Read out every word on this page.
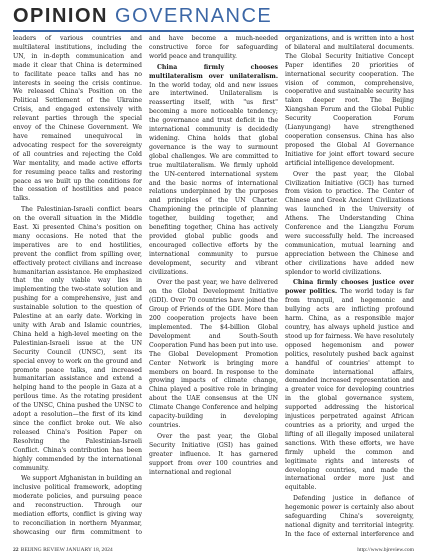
OPINION GOVERNANCE

leaders of various countries and multilateral institutions, including the UN, in in-depth communication and made it clear that China is determined to facilitate peace talks and has no interests in seeing the crisis continue. We released China's Position on the Political Settlement of the Ukraine Crisis, and engaged extensively with relevant parties through the special envoy of the Chinese Government. We have remained unequivocal in advocating respect for the sovereignty of all countries and rejecting the Cold War mentality, and made active efforts for resuming peace talks and restoring peace as we built up the conditions for the cessation of hostilities and peace talks.

The Palestinian-Israeli conflict bears on the overall situation in the Middle East. Xi presented China's position on many occasions. He noted that the imperatives are to end hostilities, prevent the conflict from spilling over, effectively protect civilians and increase humanitarian assistance. He emphasized that the only viable way lies in implementing the two-state solution and pushing for a comprehensive, just and sustainable solution to the question of Palestine at an early date. Working in unity with Arab and Islamic countries, China held a high-level meeting on the Palestinian-Israeli issue at the UN Security Council (UNSC), sent its special envoy to work on the ground and promote peace talks, and increased humanitarian assistance and extend a helping hand to the people in Gaza at a perilous time. As the rotating president of the UNSC, China pushed the UNSC to adopt a resolution—the first of its kind since the conflict broke out. We also released China's Position Paper on Resolving the Palestinian-Israeli Conflict. China's contribution has been highly commended by the international community.

We support Afghanistan in building an inclusive political framework, adopting moderate policies, and pursuing peace and reconstruction. Through our mediation efforts, conflict is giving way to reconciliation in northern Myanmar, showcasing our firm commitment to

and have become a much-needed constructive force for safeguarding world peace and tranquility.

China firmly chooses multilateralism over unilateralism. In the world today, old and new issues are intertwined. Unilateralism is reasserting itself, with "us first" becoming a more noticeable tendency; the governance and trust deficit in the international community is decidedly widening. China holds that global governance is the way to surmount global challenges. We are committed to true multilateralism. We firmly uphold the UN-centered international system and the basic norms of international relations underpinned by the purposes and principles of the UN Charter. Championing the principle of planning together, building together, and benefiting together, China has actively provided global public goods and encouraged collective efforts by the international community to pursue development, security and vibrant civilizations.

Over the past year, we have delivered on the Global Development Initiative (GDI). Over 70 countries have joined the Group of Friends of the GDI. More than 200 cooperation projects have been implemented. The $4-billion Global Development and South-South Cooperation Fund has been put into use. The Global Development Promotion Center Network is bringing more members on board. In response to the growing impacts of climate change, China played a positive role in bringing about the UAE consensus at the UN Climate Change Conference and helping capacity-building in developing countries.

Over the past year, the Global Security Initiative (GSI) has gained greater influence. It has garnered support from over 100 countries and international and regional

organizations, and is written into a host of bilateral and multilateral documents. The Global Security Initiative Concept Paper identifies 20 priorities of international security cooperation. The vision of common, comprehensive, cooperative and sustainable security has taken deeper root. The Beijing Xiangshan Forum and the Global Public Security Cooperation Forum (Lianyungang) have strengthened cooperation consensus. China has also proposed the Global AI Governance Initiative for joint effort toward secure artificial intelligence development.

Over the past year, the Global Civilization Initiative (GCI) has turned from vision to practice. The Center of Chinese and Greek Ancient Civilizations was launched in the University of Athens. The Understanding China Conference and the Liangzhu Forum were successfully held. The increased communication, mutual learning and appreciation between the Chinese and other civilizations have added new splendor to world civilizations.

China firmly chooses justice over power politics. The world today is far from tranquil, and hegemonic and bullying acts are inflicting profound harm. China, as a responsible major country, has always upheld justice and stood up for fairness. We have resolutely opposed hegemonism and power politics, resolutely pushed back against a handful of countries' attempt to dominate international affairs, demanded increased representation and a greater voice for developing countries in the global governance system, supported addressing the historical injustices perpetrated against African countries as a priority, and urged the lifting of all illegally imposed unilateral sanctions. With these efforts, we have firmly upheld the common and legitimate rights and interests of developing countries, and made the international order more just and equitable.

Defending justice in defiance of hegemonic power is certainly also about safeguarding China's sovereignty, national dignity and territorial integrity. In the face of external interference and

22 BEIJING REVIEW JANUARY 18, 2024	http://www.bjreview.com
